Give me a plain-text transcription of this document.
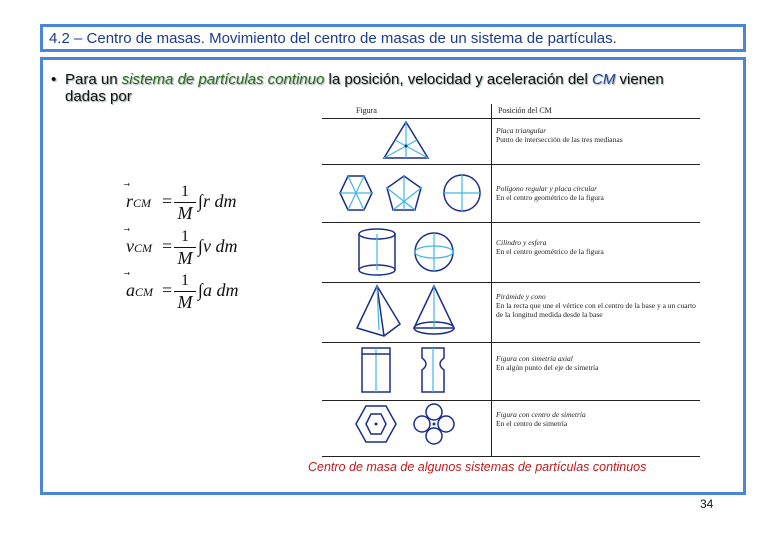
4.2 – Centro de masas. Movimiento del centro de masas de un sistema de partículas.
• Para un sistema de partículas continuo la posición, velocidad y aceleración del CM vienen dadas por
rCM = 1
M
∫r dm
vCM = 1
M
∫v dm
aCM = 1
M
∫a dm
Figura	Posición del CM
Placa triangular
Punto de intersección de las tres medianas
Polígono regular y placa circular
En el centro geométrico de la figura
Cilindro y esfera
En el centro geométrico de la figura
Pirámide y cono
En la recta que une el vértice con el centro de la base y a un cuarto de la longitud medida desde la base
Figura con simetría axial
En algún punto del eje de simetría
Figura con centro de simetría
En el centro de simetría
Centro de masa de algunos sistemas de partículas continuos
34
